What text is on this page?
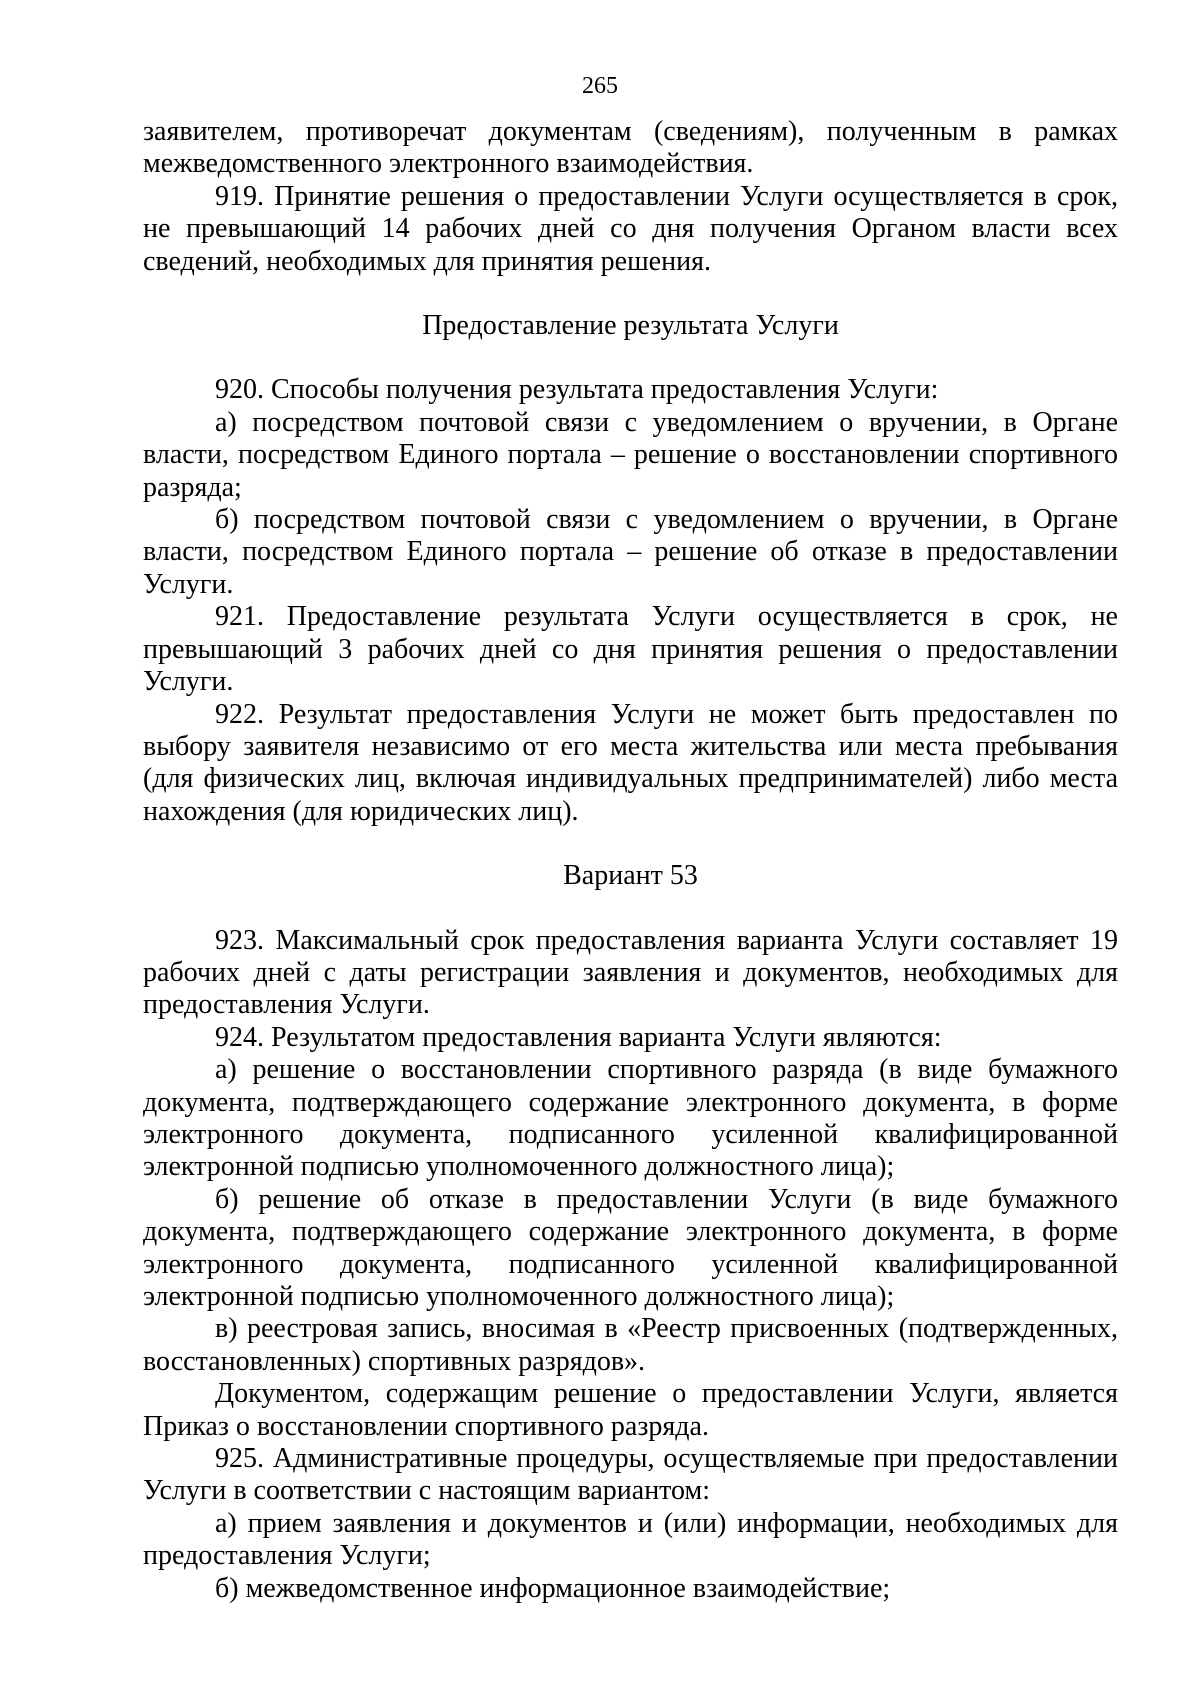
265

заявителем, противоречат документам (сведениям), полученным в рамках межведомственного электронного взаимодействия.

919. Принятие решения о предоставлении Услуги осуществляется в срок, не превышающий 14 рабочих дней со дня получения Органом власти всех сведений, необходимых для принятия решения.

Предоставление результата Услуги

920. Способы получения результата предоставления Услуги:

а) посредством почтовой связи с уведомлением о вручении, в Органе власти, посредством Единого портала – решение о восстановлении спортивного разряда;

б) посредством почтовой связи с уведомлением о вручении, в Органе власти, посредством Единого портала – решение об отказе в предоставлении Услуги.

921. Предоставление результата Услуги осуществляется в срок, не превышающий 3 рабочих дней со дня принятия решения о предоставлении Услуги.

922. Результат предоставления Услуги не может быть предоставлен по выбору заявителя независимо от его места жительства или места пребывания (для физических лиц, включая индивидуальных предпринимателей) либо места нахождения (для юридических лиц).

Вариант 53

923. Максимальный срок предоставления варианта Услуги составляет 19 рабочих дней с даты регистрации заявления и документов, необходимых для предоставления Услуги.

924. Результатом предоставления варианта Услуги являются:

а) решение о восстановлении спортивного разряда (в виде бумажного документа, подтверждающего содержание электронного документа, в форме электронного документа, подписанного усиленной квалифицированной электронной подписью уполномоченного должностного лица);

б) решение об отказе в предоставлении Услуги (в виде бумажного документа, подтверждающего содержание электронного документа, в форме электронного документа, подписанного усиленной квалифицированной электронной подписью уполномоченного должностного лица);

в) реестровая запись, вносимая в «Реестр присвоенных (подтвержденных, восстановленных) спортивных разрядов».

Документом, содержащим решение о предоставлении Услуги, является Приказ о восстановлении спортивного разряда.

925. Административные процедуры, осуществляемые при предоставлении Услуги в соответствии с настоящим вариантом:

а) прием заявления и документов и (или) информации, необходимых для предоставления Услуги;

б) межведомственное информационное взаимодействие;
